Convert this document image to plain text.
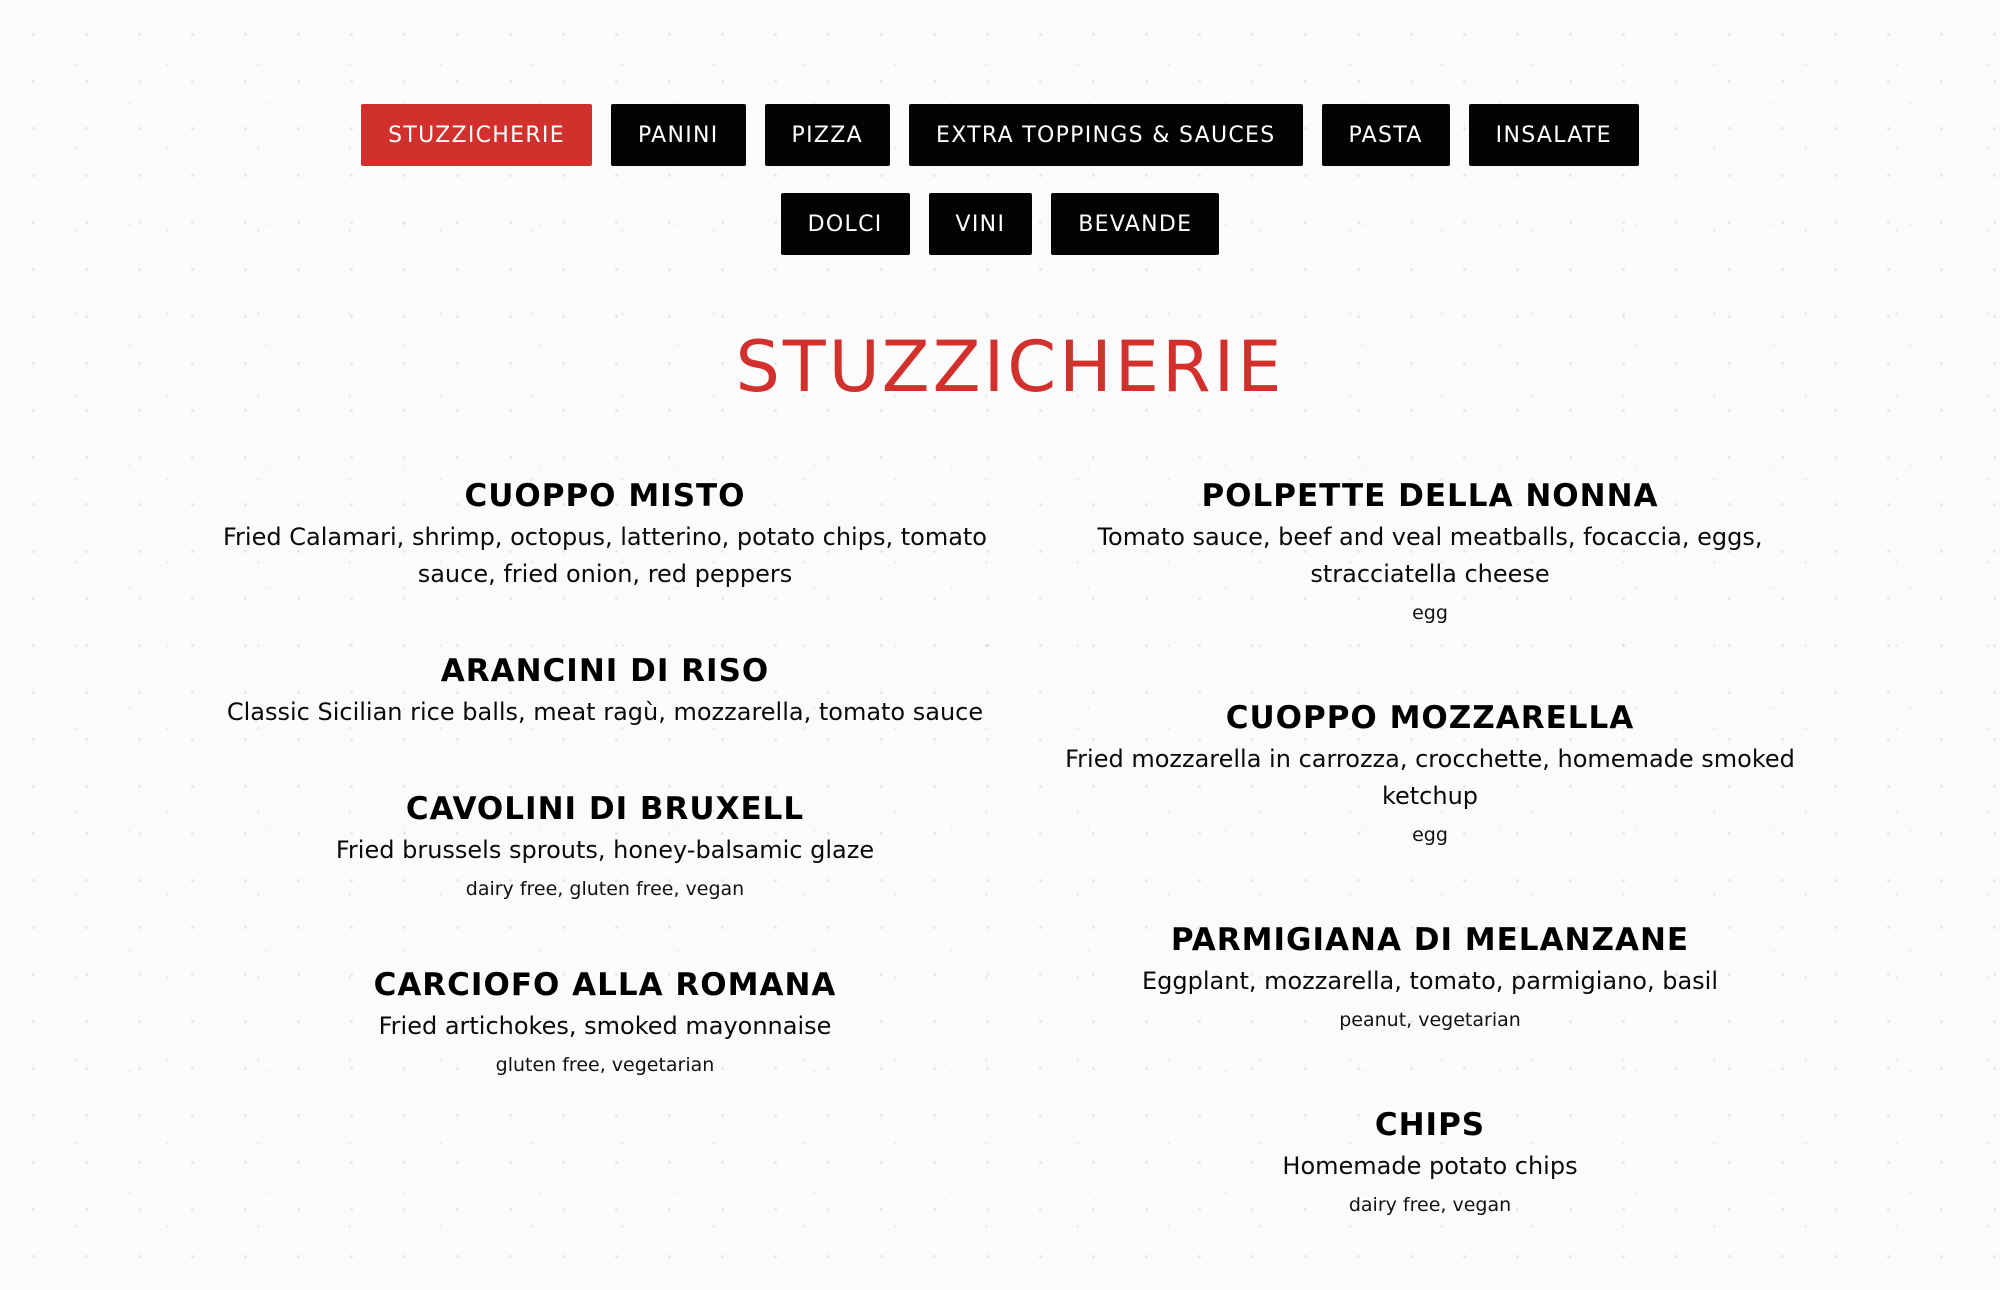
STUZZICHERIE	PANINI	PIZZA	EXTRA TOPPINGS & SAUCES	PASTA	INSALATE
DOLCI	VINI	BEVANDE
STUZZICHERIE
CUOPPO MISTO
Fried Calamari, shrimp, octopus, latterino, potato chips, tomato sauce, fried onion, red peppers
ARANCINI DI RISO
Classic Sicilian rice balls, meat ragù, mozzarella, tomato sauce
CAVOLINI DI BRUXELL
Fried brussels sprouts, honey-balsamic glaze
dairy free, gluten free, vegan
CARCIOFO ALLA ROMANA
Fried artichokes, smoked mayonnaise
gluten free, vegetarian
POLPETTE DELLA NONNA
Tomato sauce, beef and veal meatballs, focaccia, eggs, stracciatella cheese
egg
CUOPPO MOZZARELLA
Fried mozzarella in carrozza, crocchette, homemade smoked ketchup
egg
PARMIGIANA DI MELANZANE
Eggplant, mozzarella, tomato, parmigiano, basil
peanut, vegetarian
CHIPS
Homemade potato chips
dairy free, vegan
